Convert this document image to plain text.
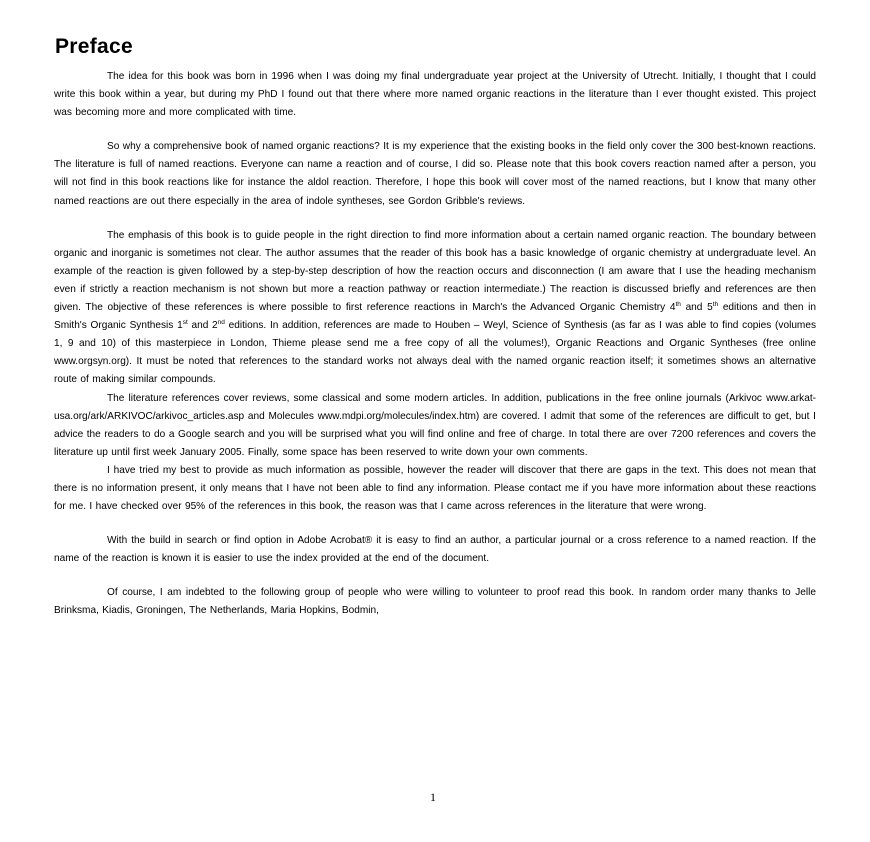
Preface

The idea for this book was born in 1996 when I was doing my final undergraduate year project at the University of Utrecht. Initially, I thought that I could write this book within a year, but during my PhD I found out that there where more named organic reactions in the literature than I ever thought existed. This project was becoming more and more complicated with time.

So why a comprehensive book of named organic reactions? It is my experience that the existing books in the field only cover the 300 best-known reactions. The literature is full of named reactions. Everyone can name a reaction and of course, I did so. Please note that this book covers reaction named after a person, you will not find in this book reactions like for instance the aldol reaction. Therefore, I hope this book will cover most of the named reactions, but I know that many other named reactions are out there especially in the area of indole syntheses, see Gordon Gribble's reviews.

The emphasis of this book is to guide people in the right direction to find more information about a certain named organic reaction. The boundary between organic and inorganic is sometimes not clear. The author assumes that the reader of this book has a basic knowledge of organic chemistry at undergraduate level. An example of the reaction is given followed by a step-by-step description of how the reaction occurs and disconnection (I am aware that I use the heading mechanism even if strictly a reaction mechanism is not shown but more a reaction pathway or reaction intermediate.) The reaction is discussed briefly and references are then given. The objective of these references is where possible to first reference reactions in March's the Advanced Organic Chemistry 4th and 5th editions and then in Smith's Organic Synthesis 1st and 2nd editions. In addition, references are made to Houben – Weyl, Science of Synthesis (as far as I was able to find copies (volumes 1, 9 and 10) of this masterpiece in London, Thieme please send me a free copy of all the volumes!), Organic Reactions and Organic Syntheses (free online www.orgsyn.org). It must be noted that references to the standard works not always deal with the named organic reaction itself; it sometimes shows an alternative route of making similar compounds.

The literature references cover reviews, some classical and some modern articles. In addition, publications in the free online journals (Arkivoc www.arkat-usa.org/ark/ARKIVOC/arkivoc_articles.asp and Molecules www.mdpi.org/molecules/index.htm) are covered. I admit that some of the references are difficult to get, but I advice the readers to do a Google search and you will be surprised what you will find online and free of charge. In total there are over 7200 references and covers the literature up until first week January 2005. Finally, some space has been reserved to write down your own comments.

I have tried my best to provide as much information as possible, however the reader will discover that there are gaps in the text. This does not mean that there is no information present, it only means that I have not been able to find any information. Please contact me if you have more information about these reactions for me. I have checked over 95% of the references in this book, the reason was that I came across references in the literature that were wrong.

With the build in search or find option in Adobe Acrobat® it is easy to find an author, a particular journal or a cross reference to a named reaction. If the name of the reaction is known it is easier to use the index provided at the end of the document.

Of course, I am indebted to the following group of people who were willing to volunteer to proof read this book. In random order many thanks to Jelle Brinksma, Kiadis, Groningen, The Netherlands, Maria Hopkins, Bodmin,

1
